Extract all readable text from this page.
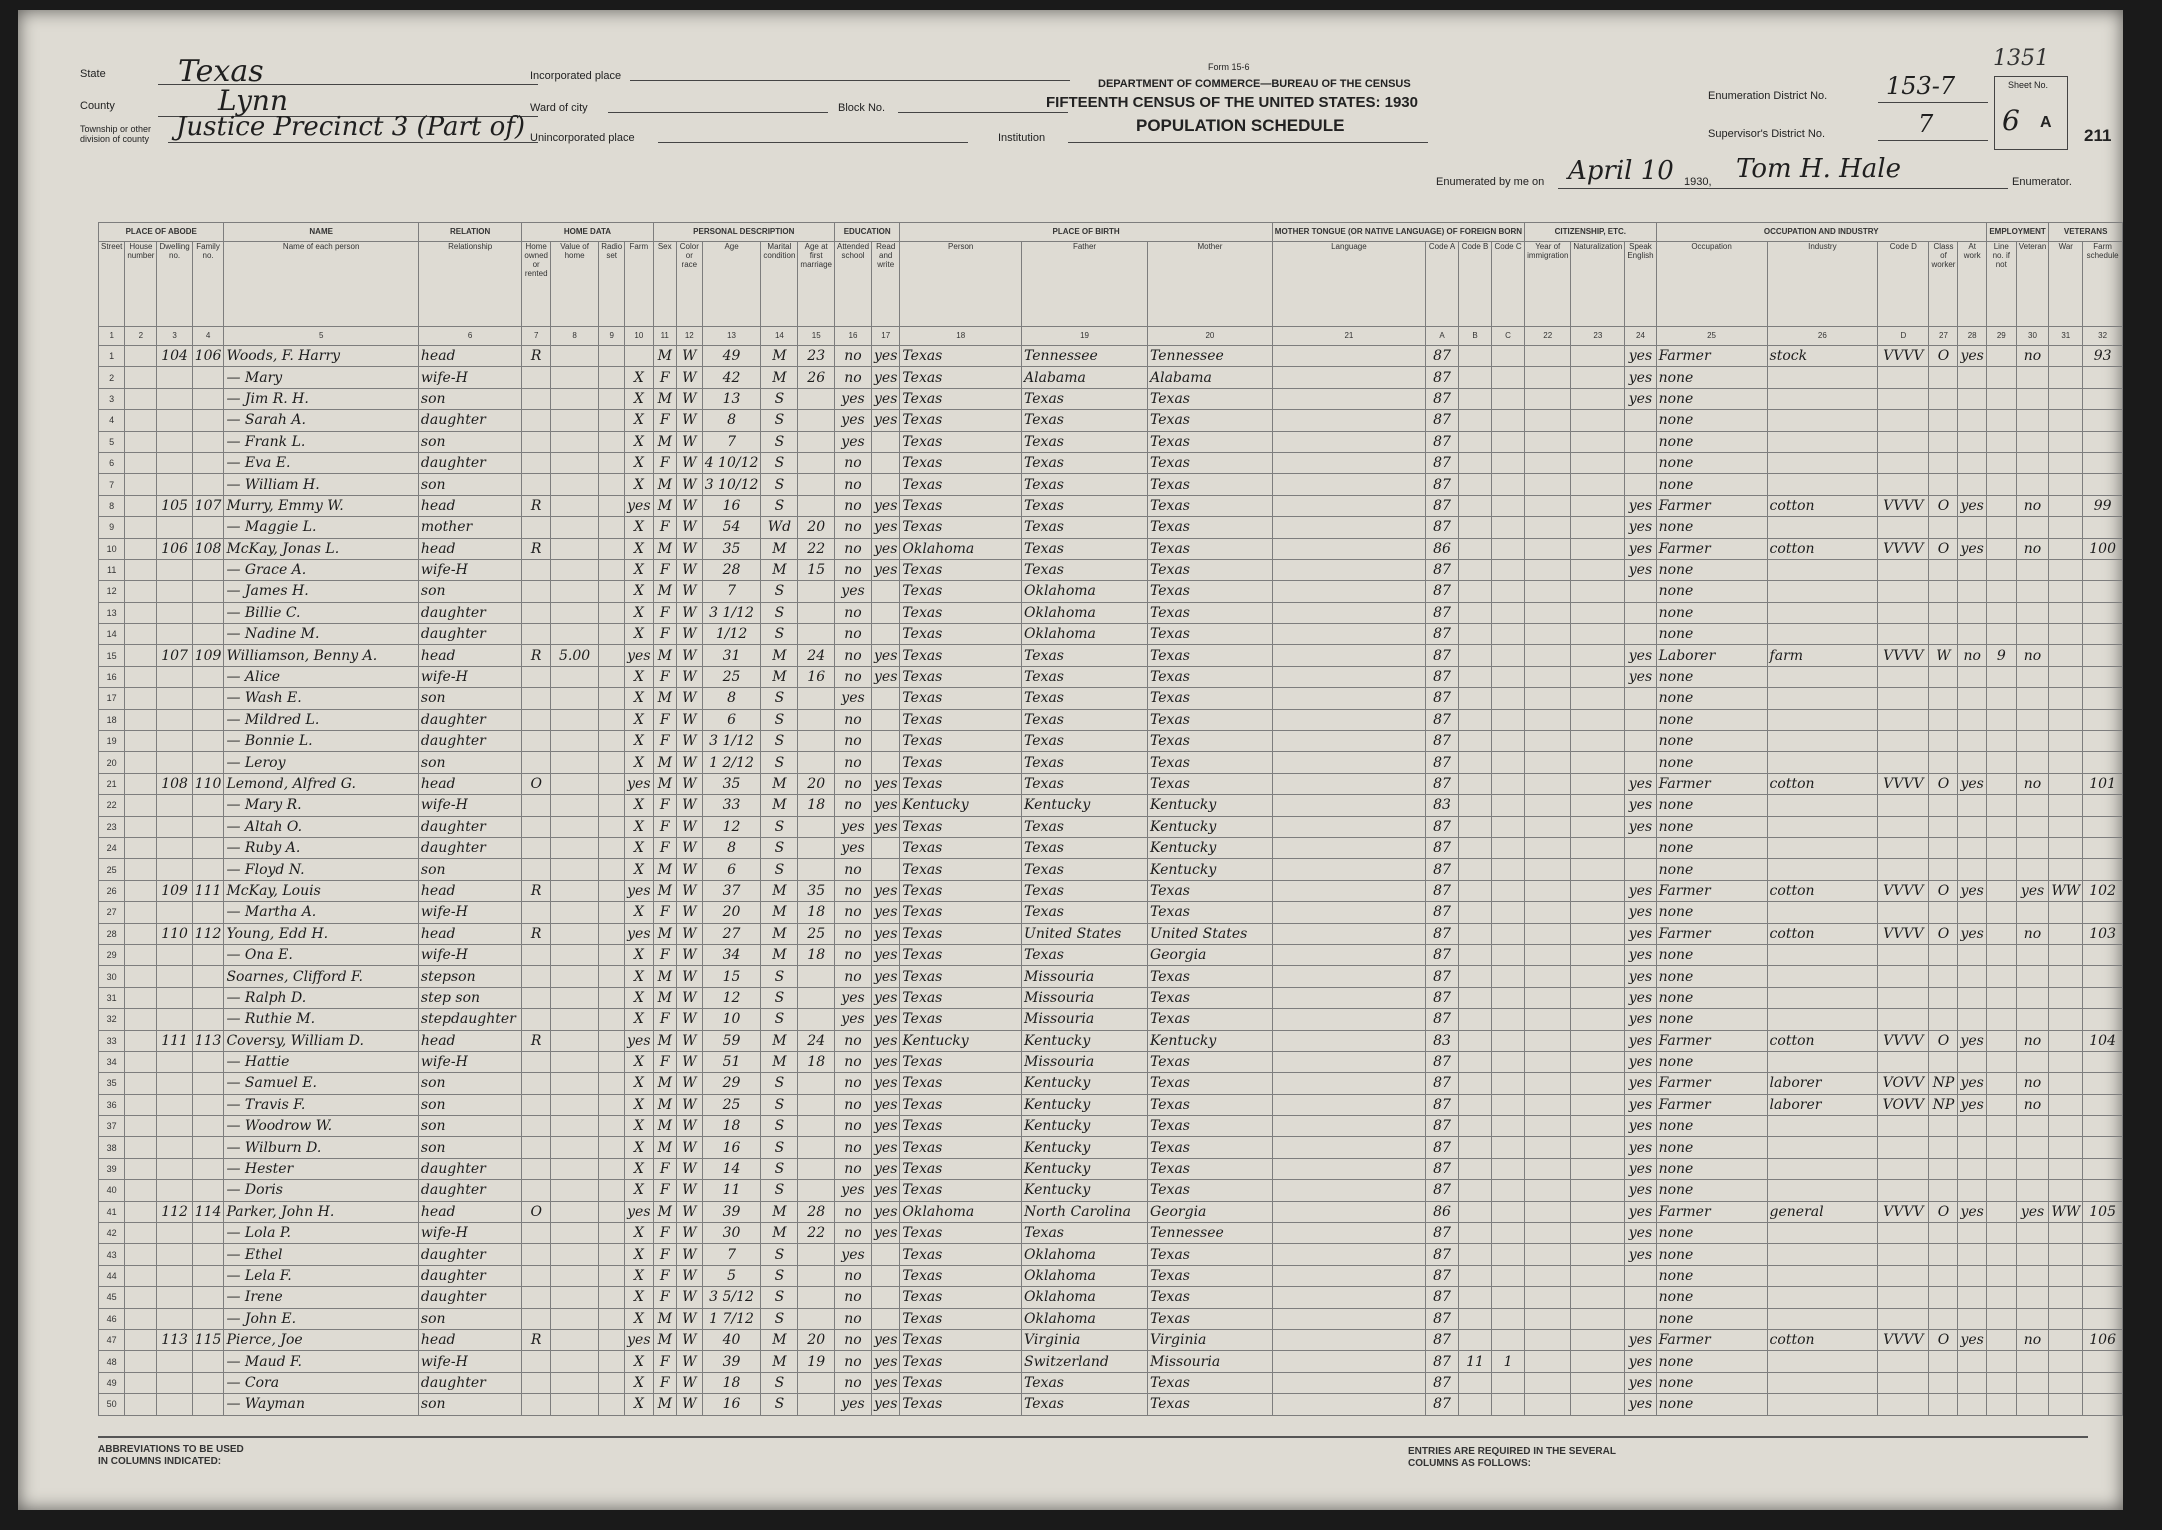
State Texas
County	Lynn
Township or other division of county	Justice Precinct 3 (Part of)
Incorporated place
Ward of city	Block No.
Unincorporated place	Institution
Form 15-6
DEPARTMENT OF COMMERCE—BUREAU OF THE CENSUS
FIFTEENTH CENSUS OF THE UNITED STATES: 1930
POPULATION SCHEDULE
Enumeration District No. 153-7
Supervisor's District No.	7
1351
Sheet No.
6 A
211
Enumerated by me on April 10 1930, Tom H. Hale	Enumerator.
PLACE OF ABODE				NAME	RELATION	HOME DATA				PERSONAL DESCRIPTION					EDUCATION		PLACE OF BIRTH			MOTHER TONGUE (OR NATIVE LANGUAGE) OF FOREIGN BORN				CITIZENSHIP, ETC.			OCCUPATION AND INDUSTRY					EMPLOYMENT		VETERANS	
Street	House number	Dwelling no.	Family no.	Name of each person	Relationship	Home owned or rented	Value of home	Radio set	Farm	Sex	Color or race	Age	Marital condition	Age at first marriage	Attended school	Read and write	Person	Father	Mother	Language	Code A	Code B	Code C	Year of immigration	Naturalization	Speak English	Occupation	Industry	Code D	Class of worker	At work	Line no. if not	Veteran	War	Farm schedule
1	2	3	4	5	6	7	8	9	10	11	12	13	14	15	16	17	18	19	20	21	A	B	C	22	23	24	25	26	D	27	28	29	30	31	32
1		104	106	Woods, F. Harry	head	R				M	W	49	M	23	no	yes	Texas	Tennessee	Tennessee		87					yes	Farmer	stock	VVVV	O	yes		no		93
2				— Mary	wife-H				X	F	W	42	M	26	no	yes	Texas	Alabama	Alabama		87					yes	none								
3				— Jim R. H.	son				X	M	W	13	S		yes	yes	Texas	Texas	Texas		87					yes	none								
4				— Sarah A.	daughter				X	F	W	8	S		yes	yes	Texas	Texas	Texas		87						none								
5				— Frank L.	son				X	M	W	7	S		yes		Texas	Texas	Texas		87						none								
6				— Eva E.	daughter				X	F	W	4 10/12	S		no		Texas	Texas	Texas		87						none								
7				— William H.	son				X	M	W	3 10/12	S		no		Texas	Texas	Texas		87						none								
8		105	107	Murry, Emmy W.	head	R			yes	M	W	16	S		no	yes	Texas	Texas	Texas		87					yes	Farmer	cotton	VVVV	O	yes		no		99
9				— Maggie L.	mother				X	F	W	54	Wd	20	no	yes	Texas	Texas	Texas		87					yes	none								
10		106	108	McKay, Jonas L.	head	R			X	M	W	35	M	22	no	yes	Oklahoma	Texas	Texas		86					yes	Farmer	cotton	VVVV	O	yes		no		100
11				— Grace A.	wife-H				X	F	W	28	M	15	no	yes	Texas	Texas	Texas		87					yes	none								
12				— James H.	son				X	M	W	7	S		yes		Texas	Oklahoma	Texas		87						none								
13				— Billie C.	daughter				X	F	W	3 1/12	S		no		Texas	Oklahoma	Texas		87						none								
14				— Nadine M.	daughter				X	F	W	1/12	S		no		Texas	Oklahoma	Texas		87						none								
15		107	109	Williamson, Benny A.	head	R	5.00		yes	M	W	31	M	24	no	yes	Texas	Texas	Texas		87					yes	Laborer	farm	VVVV	W	no	9	no		
16				— Alice	wife-H				X	F	W	25	M	16	no	yes	Texas	Texas	Texas		87					yes	none								
17				— Wash E.	son				X	M	W	8	S		yes		Texas	Texas	Texas		87						none								
18				— Mildred L.	daughter				X	F	W	6	S		no		Texas	Texas	Texas		87						none								
19				— Bonnie L.	daughter				X	F	W	3 1/12	S		no		Texas	Texas	Texas		87						none								
20				— Leroy	son				X	M	W	1 2/12	S		no		Texas	Texas	Texas		87						none								
21		108	110	Lemond, Alfred G.	head	O			yes	M	W	35	M	20	no	yes	Texas	Texas	Texas		87					yes	Farmer	cotton	VVVV	O	yes		no		101
22				— Mary R.	wife-H				X	F	W	33	M	18	no	yes	Kentucky	Kentucky	Kentucky		83					yes	none								
23				— Altah O.	daughter				X	F	W	12	S		yes	yes	Texas	Texas	Kentucky		87					yes	none								
24				— Ruby A.	daughter				X	F	W	8	S		yes		Texas	Texas	Kentucky		87						none								
25				— Floyd N.	son				X	M	W	6	S		no		Texas	Texas	Kentucky		87						none								
26		109	111	McKay, Louis	head	R			yes	M	W	37	M	35	no	yes	Texas	Texas	Texas		87					yes	Farmer	cotton	VVVV	O	yes		yes	WW	102
27				— Martha A.	wife-H				X	F	W	20	M	18	no	yes	Texas	Texas	Texas		87					yes	none								
28		110	112	Young, Edd H.	head	R			yes	M	W	27	M	25	no	yes	Texas	United States	United States		87					yes	Farmer	cotton	VVVV	O	yes		no		103
29				— Ona E.	wife-H				X	F	W	34	M	18	no	yes	Texas	Texas	Georgia		87					yes	none								
30				Soarnes, Clifford F.	stepson				X	M	W	15	S		no	yes	Texas	Missouria	Texas		87					yes	none								
31				— Ralph D.	step son				X	M	W	12	S		yes	yes	Texas	Missouria	Texas		87					yes	none								
32				— Ruthie M.	stepdaughter				X	F	W	10	S		yes	yes	Texas	Missouria	Texas		87					yes	none								
33		111	113	Coversy, William D.	head	R			yes	M	W	59	M	24	no	yes	Kentucky	Kentucky	Kentucky		83					yes	Farmer	cotton	VVVV	O	yes		no		104
34				— Hattie	wife-H				X	F	W	51	M	18	no	yes	Texas	Missouria	Texas		87					yes	none								
35				— Samuel E.	son				X	M	W	29	S		no	yes	Texas	Kentucky	Texas		87					yes	Farmer	laborer	VOVV	NP	yes		no		
36				— Travis F.	son				X	M	W	25	S		no	yes	Texas	Kentucky	Texas		87					yes	Farmer	laborer	VOVV	NP	yes		no		
37				— Woodrow W.	son				X	M	W	18	S		no	yes	Texas	Kentucky	Texas		87					yes	none								
38				— Wilburn D.	son				X	M	W	16	S		no	yes	Texas	Kentucky	Texas		87					yes	none								
39				— Hester	daughter				X	F	W	14	S		no	yes	Texas	Kentucky	Texas		87					yes	none								
40				— Doris	daughter				X	F	W	11	S		yes	yes	Texas	Kentucky	Texas		87					yes	none								
41		112	114	Parker, John H.	head	O			yes	M	W	39	M	28	no	yes	Oklahoma	North Carolina	Georgia		86					yes	Farmer	general	VVVV	O	yes		yes	WW	105
42				— Lola P.	wife-H				X	F	W	30	M	22	no	yes	Texas	Texas	Tennessee		87					yes	none								
43				— Ethel	daughter				X	F	W	7	S		yes		Texas	Oklahoma	Texas		87					yes	none								
44				— Lela F.	daughter				X	F	W	5	S		no		Texas	Oklahoma	Texas		87						none								
45				— Irene	daughter				X	F	W	3 5/12	S		no		Texas	Oklahoma	Texas		87						none								
46				— John E.	son				X	M	W	1 7/12	S		no		Texas	Oklahoma	Texas		87						none								
47		113	115	Pierce, Joe	head	R			yes	M	W	40	M	20	no	yes	Texas	Virginia	Virginia		87					yes	Farmer	cotton	VVVV	O	yes		no		106
48				— Maud F.	wife-H				X	F	W	39	M	19	no	yes	Texas	Switzerland	Missouria		87	11	1			yes	none								
49				— Cora	daughter				X	F	W	18	S		no	yes	Texas	Texas	Texas		87					yes	none								
50				— Wayman	son				X	M	W	16	S		yes	yes	Texas	Texas	Texas		87					yes	none								
ABBREVIATIONS TO BE USED IN COLUMNS INDICATED:
ENTRIES ARE REQUIRED IN THE SEVERAL COLUMNS AS FOLLOWS:
